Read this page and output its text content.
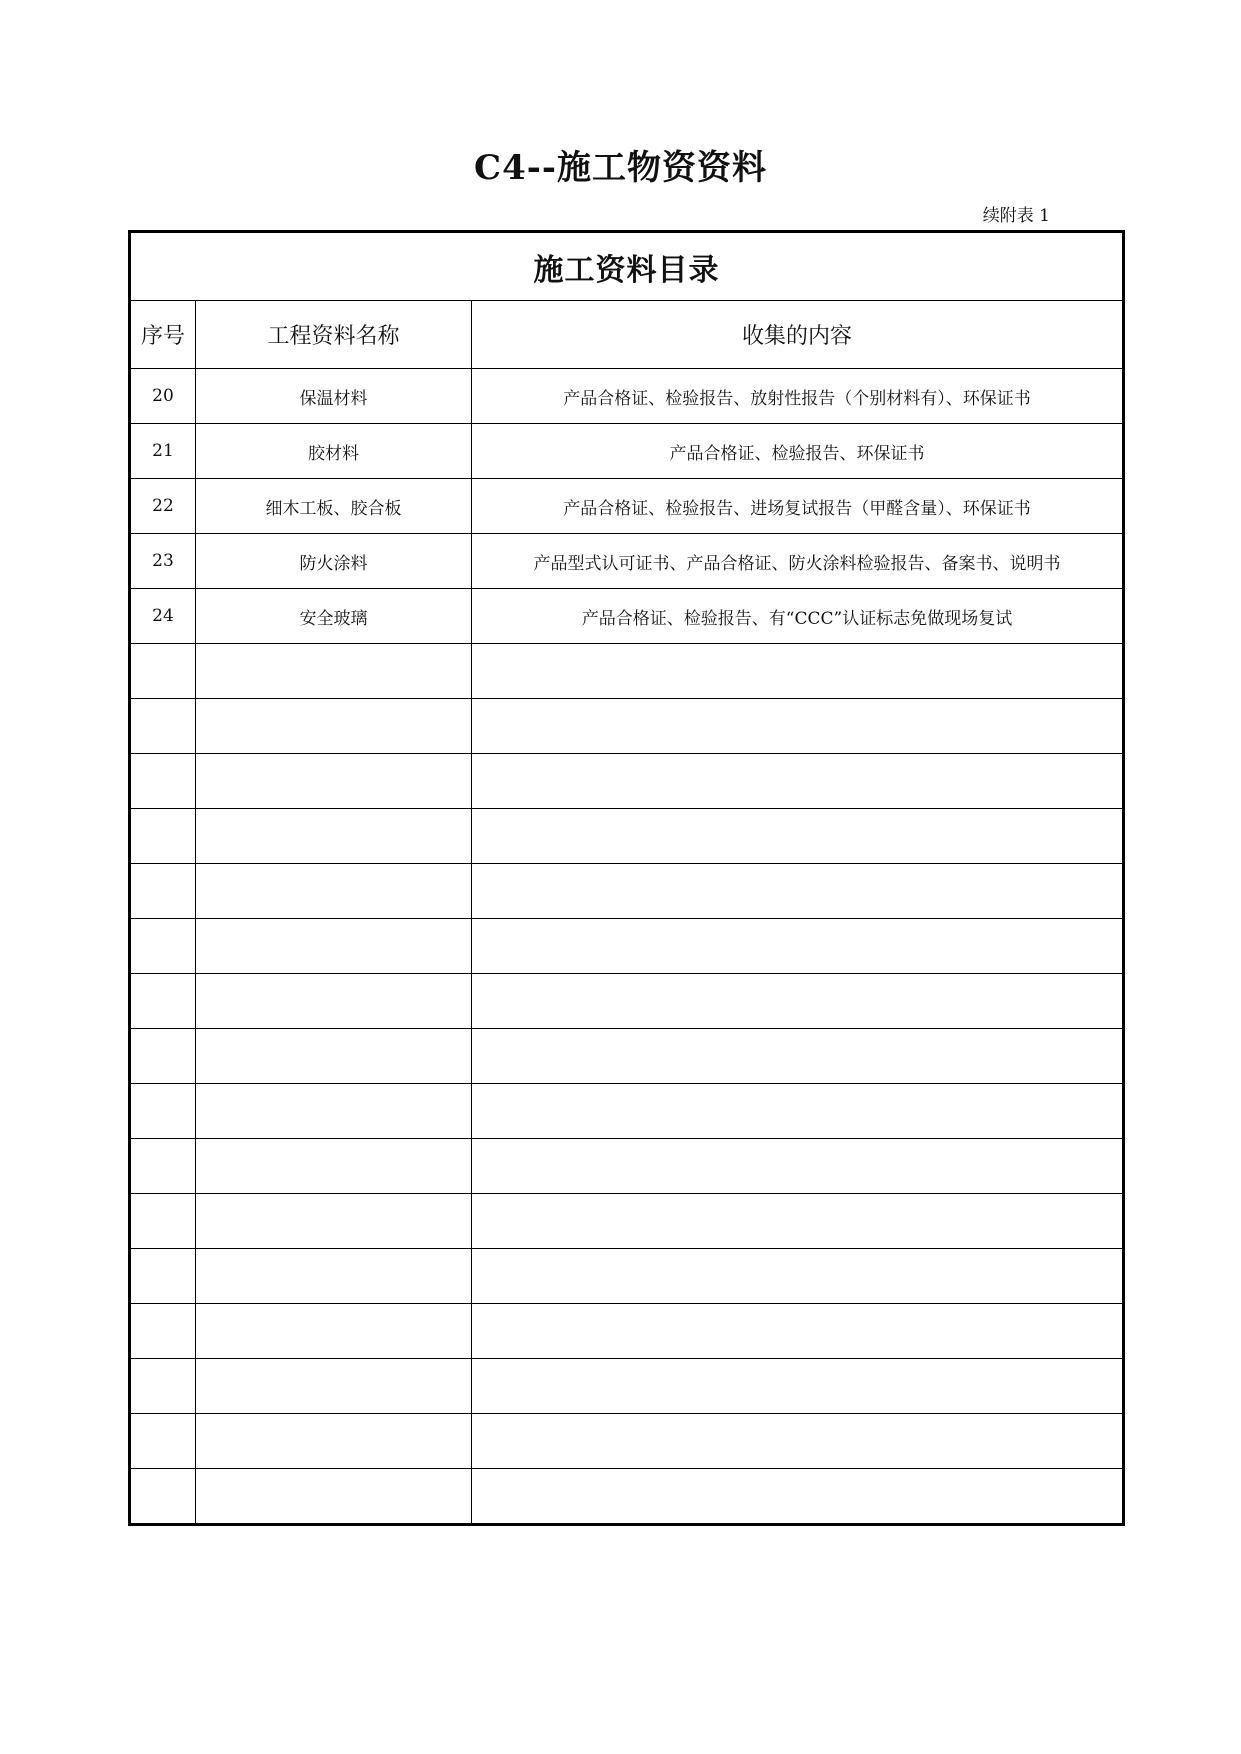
C4--施工物资资料
续附表 1
施工资料目录		
序号	工程资料名称	收集的内容
20	保温材料	产品合格证、检验报告、放射性报告（个别材料有）、环保证书
21	胶材料	产品合格证、检验报告、环保证书
22	细木工板、胶合板	产品合格证、检验报告、进场复试报告（甲醛含量）、环保证书
23	防火涂料	产品型式认可证书、产品合格证、防火涂料检验报告、备案书、说明书
24	安全玻璃	产品合格证、检验报告、有“CCC”认证标志免做现场复试
